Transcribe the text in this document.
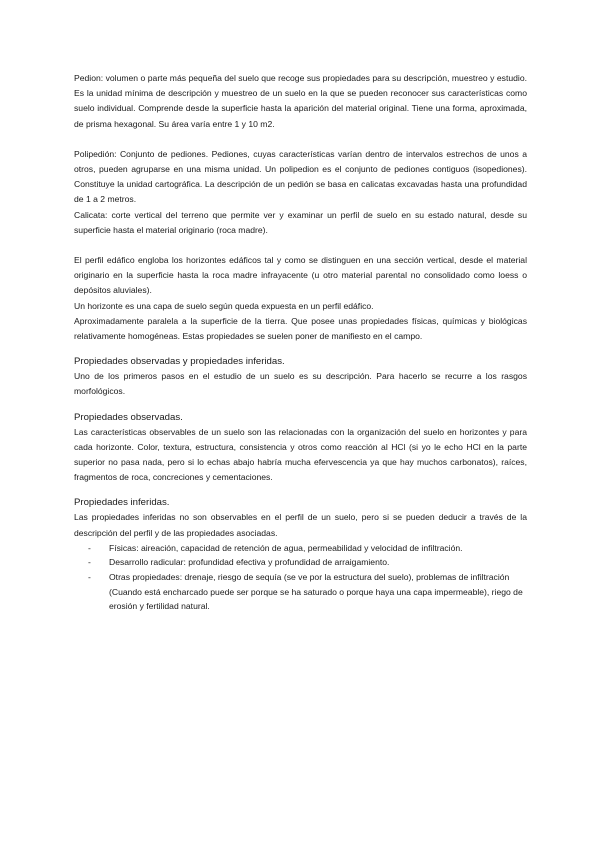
Pedion: volumen o parte más pequeña del suelo que recoge sus propiedades para su descripción, muestreo y estudio. Es la unidad mínima de descripción y muestreo de un suelo en la que se pueden reconocer sus características como suelo individual. Comprende desde la superficie hasta la aparición del material original. Tiene una forma, aproximada, de prisma hexagonal. Su área varía entre 1 y 10 m2.

Polipedión: Conjunto de pediones. Pediones, cuyas características varían dentro de intervalos estrechos de unos a otros, pueden agruparse en una misma unidad. Un polipedion es el conjunto de pediones contiguos (isopediones). Constituye la unidad cartográfica. La descripción de un pedión se basa en calicatas excavadas hasta una profundidad de 1 a 2 metros.

Calicata: corte vertical del terreno que permite ver y examinar un perfil de suelo en su estado natural, desde su superficie hasta el material originario (roca madre).

El perfil edáfico engloba los horizontes edáficos tal y como se distinguen en una sección vertical, desde el material originario en la superficie hasta la roca madre infrayacente (u otro material parental no consolidado como loess o depósitos aluviales).

Un horizonte es una capa de suelo según queda expuesta en un perfil edáfico.

Aproximadamente paralela a la superficie de la tierra. Que posee unas propiedades físicas, químicas y biológicas relativamente homogéneas. Estas propiedades se suelen poner de manifiesto en el campo.

Propiedades observadas y propiedades inferidas.

Uno de los primeros pasos en el estudio de un suelo es su descripción. Para hacerlo se recurre a los rasgos morfológicos.

Propiedades observadas.

Las características observables de un suelo son las relacionadas con la organización del suelo en horizontes y para cada horizonte. Color, textura, estructura, consistencia y otros como reacción al HCl (si yo le echo HCl en la parte superior no pasa nada, pero si lo echas abajo habría mucha efervescencia ya que hay muchos carbonatos), raíces, fragmentos de roca, concreciones y cementaciones.

Propiedades inferidas.

Las propiedades inferidas no son observables en el perfil de un suelo, pero si se pueden deducir a través de la descripción del perfil y de las propiedades asociadas.

- Físicas: aireación, capacidad de retención de agua, permeabilidad y velocidad de infiltración.
- Desarrollo radicular: profundidad efectiva y profundidad de arraigamiento.
- Otras propiedades: drenaje, riesgo de sequía (se ve por la estructura del suelo), problemas de infiltración (Cuando está encharcado puede ser porque se ha saturado o porque haya una capa impermeable), riego de erosión y fertilidad natural.
